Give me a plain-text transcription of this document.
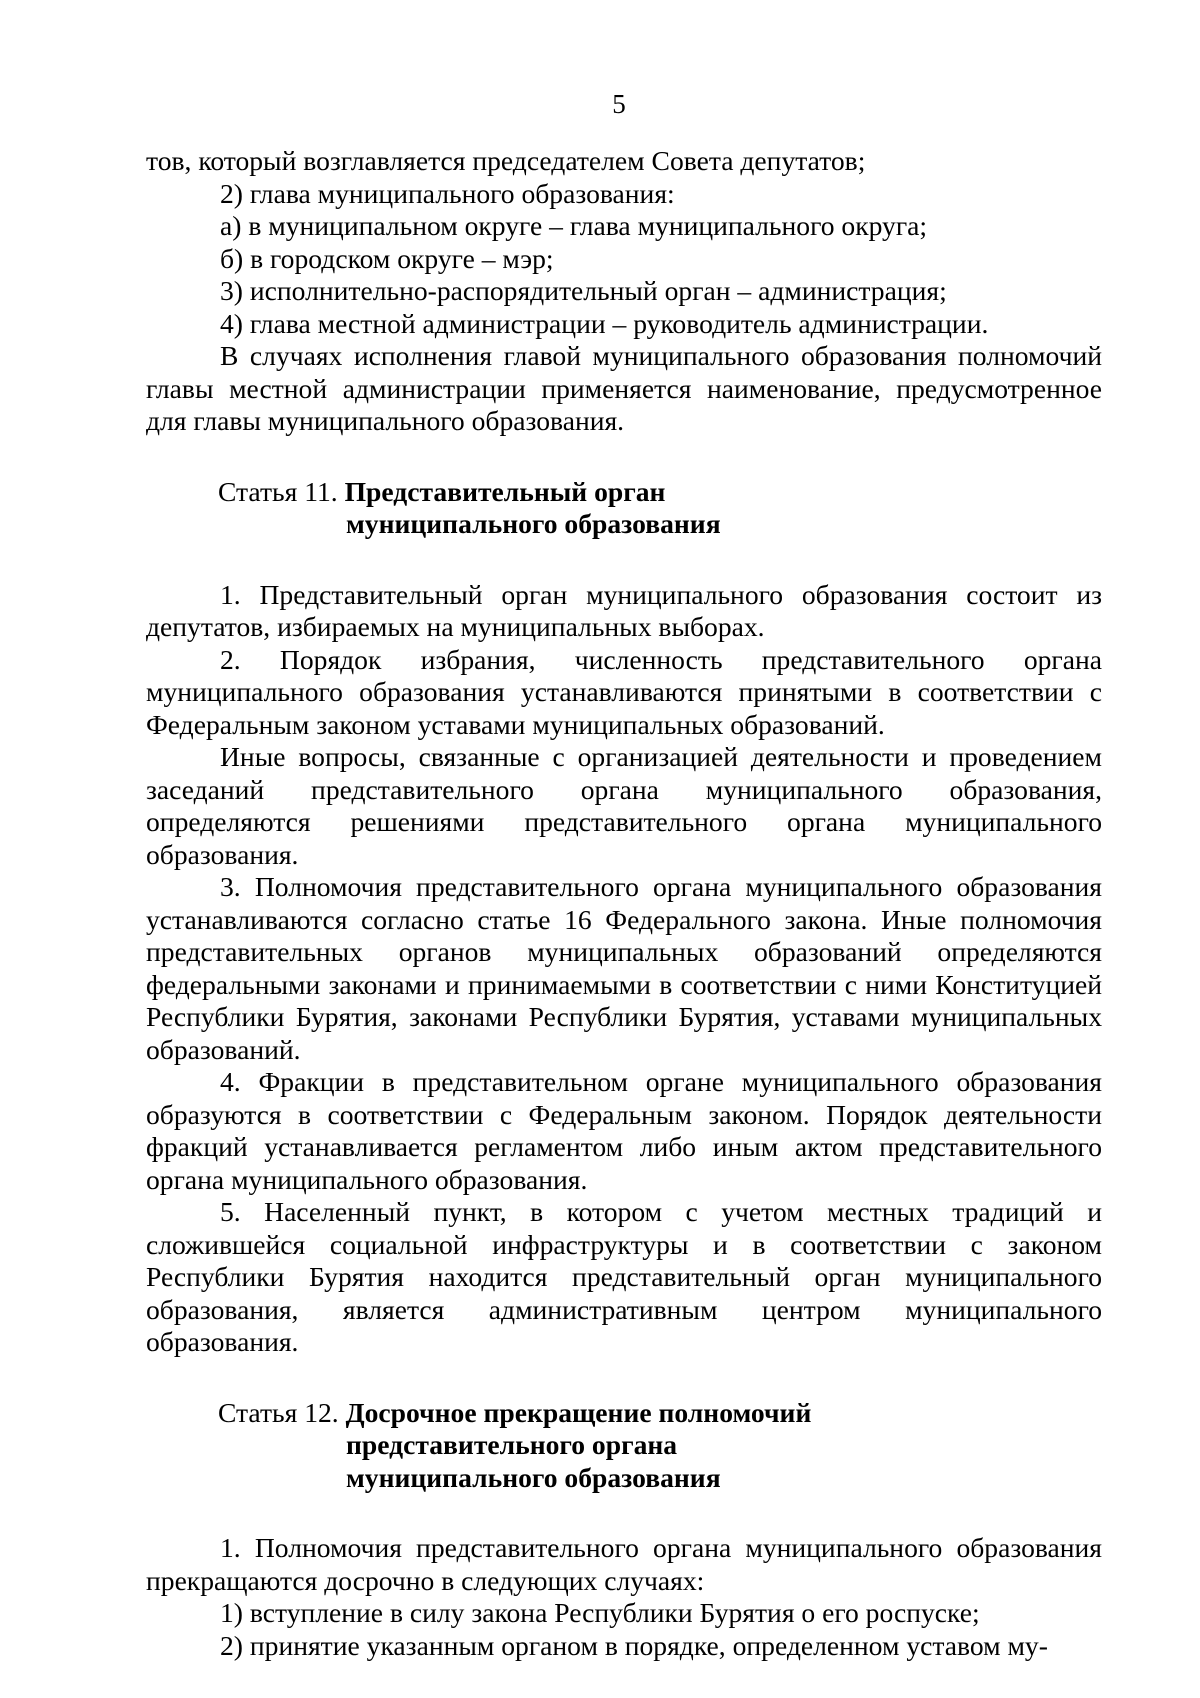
5

тов, который возглавляется председателем Совета депутатов;

2) глава муниципального образования:

а) в муниципальном округе – глава муниципального округа;

б) в городском округе – мэр;

3) исполнительно-распорядительный орган – администрация;

4) глава местной администрации – руководитель администрации.

В случаях исполнения главой муниципального образования полномочий главы местной администрации применяется наименование, предусмотренное для главы муниципального образования.

Статья 11. Представительный орган
муниципального образования

1. Представительный орган муниципального образования состоит из депутатов, избираемых на муниципальных выборах.

2. Порядок избрания, численность представительного органа муниципального образования устанавливаются принятыми в соответствии с Федеральным законом уставами муниципальных образований.

Иные вопросы, связанные с организацией деятельности и проведением заседаний представительного органа муниципального образования, определяются решениями представительного органа муниципального образования.

3. Полномочия представительного органа муниципального образования устанавливаются согласно статье 16 Федерального закона. Иные полномочия представительных органов муниципальных образований определяются федеральными законами и принимаемыми в соответствии с ними Конституцией Республики Бурятия, законами Республики Бурятия, уставами муниципальных образований.

4. Фракции в представительном органе муниципального образования образуются в соответствии с Федеральным законом. Порядок деятельности фракций устанавливается регламентом либо иным актом представительного органа муниципального образования.

5. Населенный пункт, в котором с учетом местных традиций и сложившейся социальной инфраструктуры и в соответствии с законом Республики Бурятия находится представительный орган муниципального образования, является административным центром муниципального образования.

Статья 12. Досрочное прекращение полномочий
представительного органа
муниципального образования

1. Полномочия представительного органа муниципального образования прекращаются досрочно в следующих случаях:

1) вступление в силу закона Республики Бурятия о его роспуске;

2) принятие указанным органом в порядке, определенном уставом му-
